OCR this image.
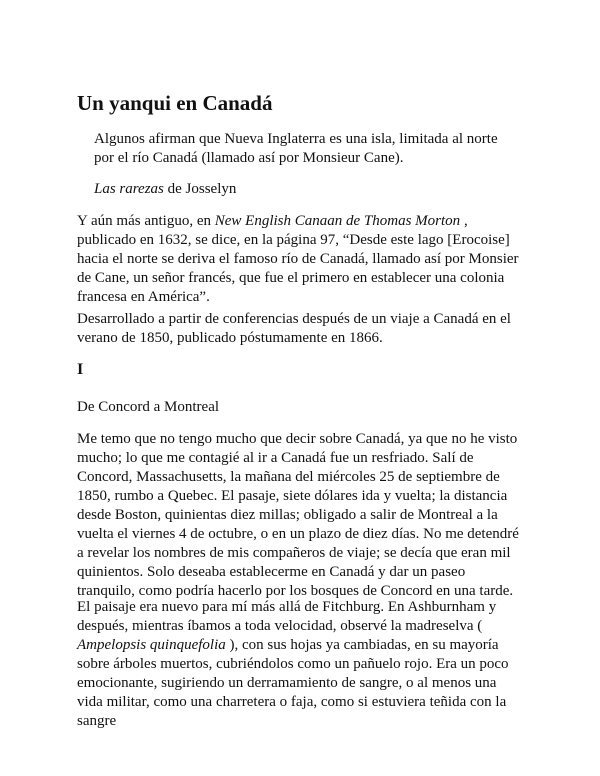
Un yanqui en Canadá

Algunos afirman que Nueva Inglaterra es una isla, limitada al norte por el río Canadá (llamado así por Monsieur Cane).

Las rarezas de Josselyn

Y aún más antiguo, en New English Canaan de Thomas Morton , publicado en 1632, se dice, en la página 97, “Desde este lago [Erocoise] hacia el norte se deriva el famoso río de Canadá, llamado así por Monsier de Cane, un señor francés, que fue el primero en establecer una colonia francesa en América”.

Desarrollado a partir de conferencias después de un viaje a Canadá en el verano de 1850, publicado póstumamente en 1866.

I

De Concord a Montreal

Me temo que no tengo mucho que decir sobre Canadá, ya que no he visto mucho; lo que me contagié al ir a Canadá fue un resfriado. Salí de Concord, Massachusetts, la mañana del miércoles 25 de septiembre de 1850, rumbo a Quebec. El pasaje, siete dólares ida y vuelta; la distancia desde Boston, quinientas diez millas; obligado a salir de Montreal a la vuelta el viernes 4 de octubre, o en un plazo de diez días. No me detendré a revelar los nombres de mis compañeros de viaje; se decía que eran mil quinientos. Solo deseaba establecerme en Canadá y dar un paseo tranquilo, como podría hacerlo por los bosques de Concord en una tarde.

El paisaje era nuevo para mí más allá de Fitchburg. En Ashburnham y después, mientras íbamos a toda velocidad, observé la madreselva ( Ampelopsis quinquefolia ), con sus hojas ya cambiadas, en su mayoría sobre árboles muertos, cubriéndolos como un pañuelo rojo. Era un poco emocionante, sugiriendo un derramamiento de sangre, o al menos una vida militar, como una charretera o faja, como si estuviera teñida con la sangre
